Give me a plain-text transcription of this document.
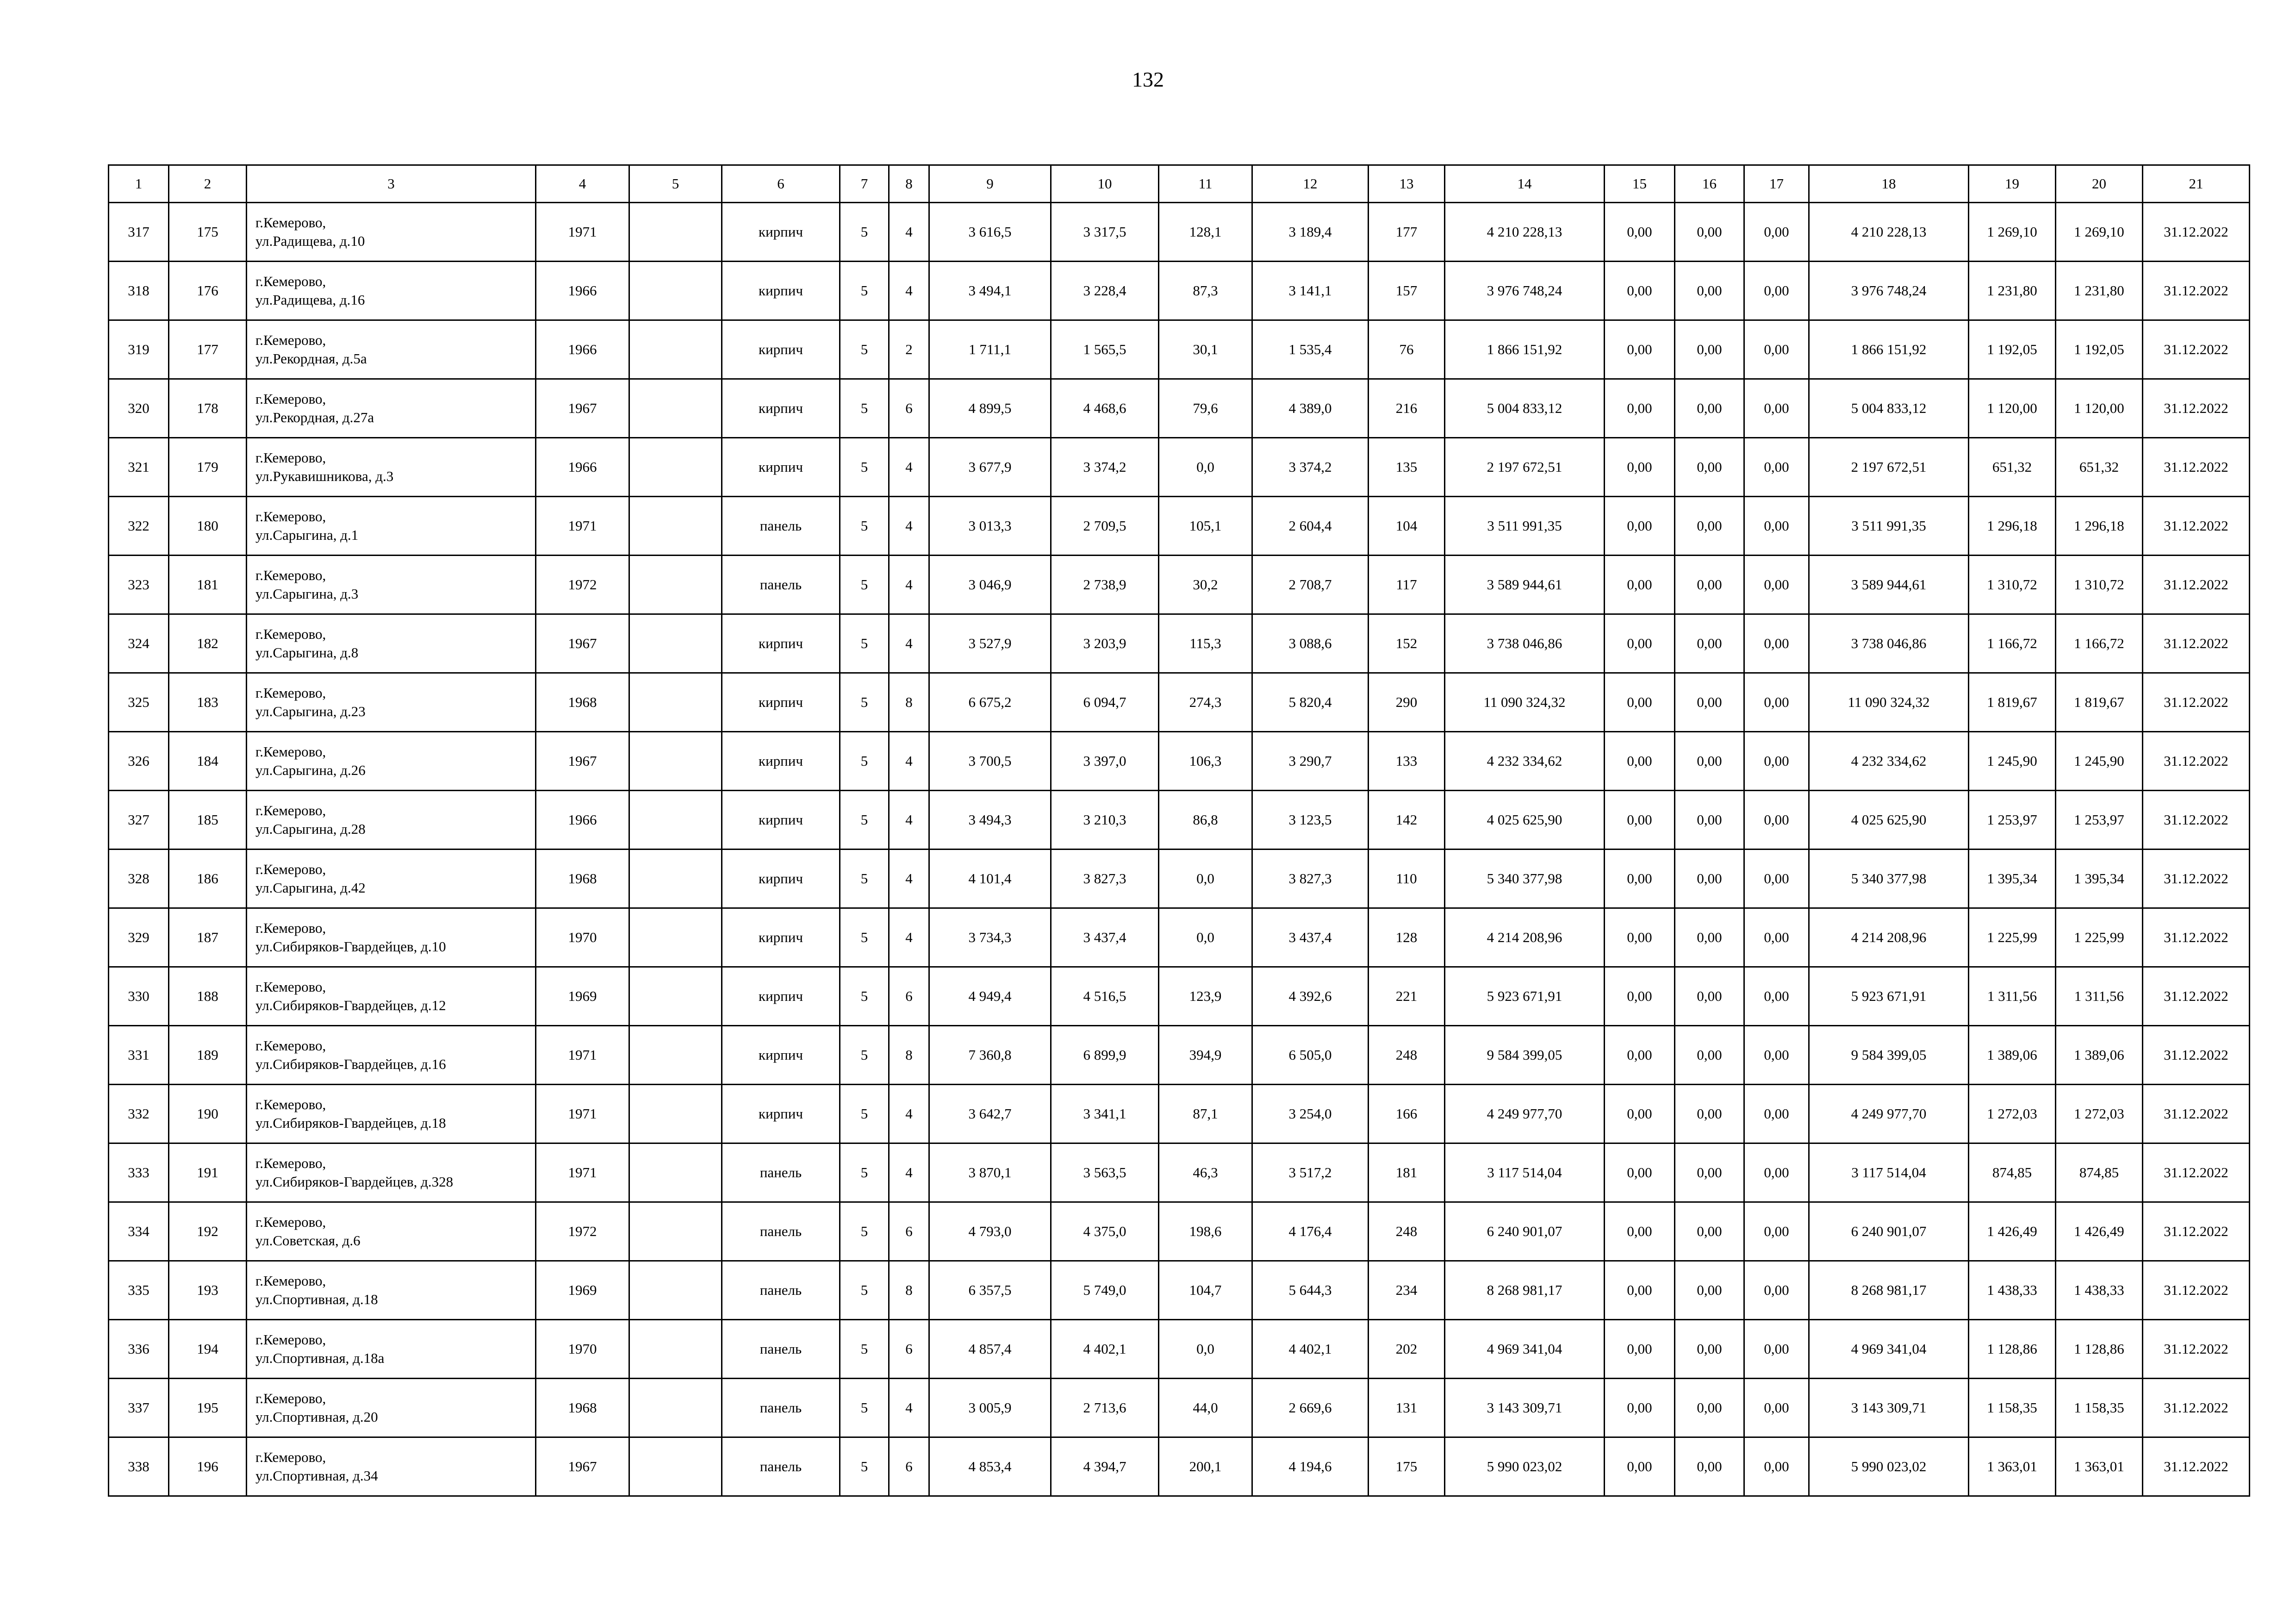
132
1	2	3	4	5	6	7	8	9	10	11	12	13	14	15	16	17	18	19	20	21
317	175	г.Кемерово,
ул.Радищева, д.10	1971		кирпич	5	4	3 616,5	3 317,5	128,1	3 189,4	177	4 210 228,13	0,00	0,00	0,00	4 210 228,13	1 269,10	1 269,10	31.12.2022
318	176	г.Кемерово,
ул.Радищева, д.16	1966		кирпич	5	4	3 494,1	3 228,4	87,3	3 141,1	157	3 976 748,24	0,00	0,00	0,00	3 976 748,24	1 231,80	1 231,80	31.12.2022
319	177	г.Кемерово,
ул.Рекордная, д.5а	1966		кирпич	5	2	1 711,1	1 565,5	30,1	1 535,4	76	1 866 151,92	0,00	0,00	0,00	1 866 151,92	1 192,05	1 192,05	31.12.2022
320	178	г.Кемерово,
ул.Рекордная, д.27а	1967		кирпич	5	6	4 899,5	4 468,6	79,6	4 389,0	216	5 004 833,12	0,00	0,00	0,00	5 004 833,12	1 120,00	1 120,00	31.12.2022
321	179	г.Кемерово,
ул.Рукавишникова, д.3	1966		кирпич	5	4	3 677,9	3 374,2	0,0	3 374,2	135	2 197 672,51	0,00	0,00	0,00	2 197 672,51	651,32	651,32	31.12.2022
322	180	г.Кемерово,
ул.Сарыгина, д.1	1971		панель	5	4	3 013,3	2 709,5	105,1	2 604,4	104	3 511 991,35	0,00	0,00	0,00	3 511 991,35	1 296,18	1 296,18	31.12.2022
323	181	г.Кемерово,
ул.Сарыгина, д.3	1972		панель	5	4	3 046,9	2 738,9	30,2	2 708,7	117	3 589 944,61	0,00	0,00	0,00	3 589 944,61	1 310,72	1 310,72	31.12.2022
324	182	г.Кемерово,
ул.Сарыгина, д.8	1967		кирпич	5	4	3 527,9	3 203,9	115,3	3 088,6	152	3 738 046,86	0,00	0,00	0,00	3 738 046,86	1 166,72	1 166,72	31.12.2022
325	183	г.Кемерово,
ул.Сарыгина, д.23	1968		кирпич	5	8	6 675,2	6 094,7	274,3	5 820,4	290	11 090 324,32	0,00	0,00	0,00	11 090 324,32	1 819,67	1 819,67	31.12.2022
326	184	г.Кемерово,
ул.Сарыгина, д.26	1967		кирпич	5	4	3 700,5	3 397,0	106,3	3 290,7	133	4 232 334,62	0,00	0,00	0,00	4 232 334,62	1 245,90	1 245,90	31.12.2022
327	185	г.Кемерово,
ул.Сарыгина, д.28	1966		кирпич	5	4	3 494,3	3 210,3	86,8	3 123,5	142	4 025 625,90	0,00	0,00	0,00	4 025 625,90	1 253,97	1 253,97	31.12.2022
328	186	г.Кемерово,
ул.Сарыгина, д.42	1968		кирпич	5	4	4 101,4	3 827,3	0,0	3 827,3	110	5 340 377,98	0,00	0,00	0,00	5 340 377,98	1 395,34	1 395,34	31.12.2022
329	187	г.Кемерово,
ул.Сибиряков-Гвардейцев, д.10	1970		кирпич	5	4	3 734,3	3 437,4	0,0	3 437,4	128	4 214 208,96	0,00	0,00	0,00	4 214 208,96	1 225,99	1 225,99	31.12.2022
330	188	г.Кемерово,
ул.Сибиряков-Гвардейцев, д.12	1969		кирпич	5	6	4 949,4	4 516,5	123,9	4 392,6	221	5 923 671,91	0,00	0,00	0,00	5 923 671,91	1 311,56	1 311,56	31.12.2022
331	189	г.Кемерово,
ул.Сибиряков-Гвардейцев, д.16	1971		кирпич	5	8	7 360,8	6 899,9	394,9	6 505,0	248	9 584 399,05	0,00	0,00	0,00	9 584 399,05	1 389,06	1 389,06	31.12.2022
332	190	г.Кемерово,
ул.Сибиряков-Гвардейцев, д.18	1971		кирпич	5	4	3 642,7	3 341,1	87,1	3 254,0	166	4 249 977,70	0,00	0,00	0,00	4 249 977,70	1 272,03	1 272,03	31.12.2022
333	191	г.Кемерово,
ул.Сибиряков-Гвардейцев, д.328	1971		панель	5	4	3 870,1	3 563,5	46,3	3 517,2	181	3 117 514,04	0,00	0,00	0,00	3 117 514,04	874,85	874,85	31.12.2022
334	192	г.Кемерово,
ул.Советская, д.6	1972		панель	5	6	4 793,0	4 375,0	198,6	4 176,4	248	6 240 901,07	0,00	0,00	0,00	6 240 901,07	1 426,49	1 426,49	31.12.2022
335	193	г.Кемерово,
ул.Спортивная, д.18	1969		панель	5	8	6 357,5	5 749,0	104,7	5 644,3	234	8 268 981,17	0,00	0,00	0,00	8 268 981,17	1 438,33	1 438,33	31.12.2022
336	194	г.Кемерово,
ул.Спортивная, д.18а	1970		панель	5	6	4 857,4	4 402,1	0,0	4 402,1	202	4 969 341,04	0,00	0,00	0,00	4 969 341,04	1 128,86	1 128,86	31.12.2022
337	195	г.Кемерово,
ул.Спортивная, д.20	1968		панель	5	4	3 005,9	2 713,6	44,0	2 669,6	131	3 143 309,71	0,00	0,00	0,00	3 143 309,71	1 158,35	1 158,35	31.12.2022
338	196	г.Кемерово,
ул.Спортивная, д.34	1967		панель	5	6	4 853,4	4 394,7	200,1	4 194,6	175	5 990 023,02	0,00	0,00	0,00	5 990 023,02	1 363,01	1 363,01	31.12.2022
